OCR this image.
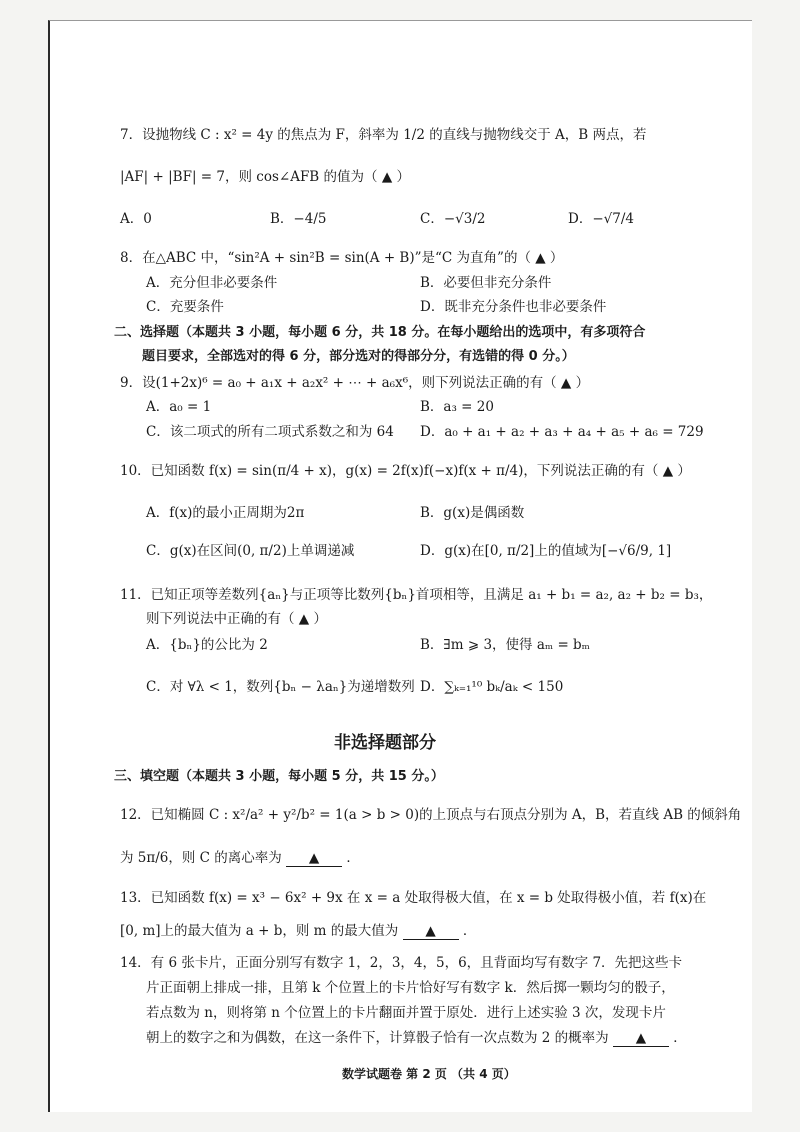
7．设抛物线 C : x² = 4y 的焦点为 F，斜率为 1/2 的直线与抛物线交于 A，B 两点，若
|AF| + |BF| = 7，则 cos∠AFB 的值为（ ▲ ）
A．0	B．−4/5	C．−√3/2	D．−√7/4
8．在△ABC 中，“sin²A + sin²B = sin(A + B)”是“C 为直角”的（ ▲ ）
A．充分但非必要条件	B．必要但非充分条件
C．充要条件	D．既非充分条件也非必要条件
二、选择题（本题共 3 小题，每小题 6 分，共 18 分。在每小题给出的选项中，有多项符合
题目要求，全部选对的得 6 分，部分选对的得部分分，有选错的得 0 分。）
9．设(1+2x)⁶ = a₀ + a₁x + a₂x² + ⋯ + a₆x⁶，则下列说法正确的有（ ▲ ）
A．a₀ = 1	B．a₃ = 20
C．该二项式的所有二项式系数之和为 64 D．a₀ + a₁ + a₂ + a₃ + a₄ + a₅ + a₆ = 729
10．已知函数 f(x) = sin(π/4 + x)，g(x) = 2f(x)f(−x)f(x + π/4)，下列说法正确的有（ ▲ ）
A．f(x)的最小正周期为2π	B．g(x)是偶函数
C．g(x)在区间(0, π/2)上单调递减	D．g(x)在[0, π/2]上的值域为[−√6/9, 1]
11．已知正项等差数列{aₙ}与正项等比数列{bₙ}首项相等，且满足 a₁ + b₁ = a₂, a₂ + b₂ = b₃，
则下列说法中正确的有（ ▲ ）
A．{bₙ}的公比为 2	B．∃m ⩾ 3，使得 aₘ = bₘ
C．对 ∀λ < 1，数列{bₙ − λaₙ}为递增数列 D．∑ₖ₌₁¹⁰ bₖ/aₖ < 150
非选择题部分
三、填空题（本题共 3 小题，每小题 5 分，共 15 分。）
12．已知椭圆 C : x²/a² + y²/b² = 1(a > b > 0)的上顶点与右顶点分别为 A，B，若直线 AB 的倾斜角
为 5π/6，则 C 的离心率为 ▲ ．
13．已知函数 f(x) = x³ − 6x² + 9x 在 x = a 处取得极大值，在 x = b 处取得极小值，若 f(x)在
[0, m]上的最大值为 a + b，则 m 的最大值为 ▲ ．
14．有 6 张卡片，正面分别写有数字 1，2，3，4，5，6，且背面均写有数字 7．先把这些卡
片正面朝上排成一排，且第 k 个位置上的卡片恰好写有数字 k．然后掷一颗均匀的骰子，
若点数为 n，则将第 n 个位置上的卡片翻面并置于原处．进行上述实验 3 次，发现卡片
朝上的数字之和为偶数，在这一条件下，计算骰子恰有一次点数为 2 的概率为 ▲ ．
数学试题卷 第 2 页 （共 4 页）
